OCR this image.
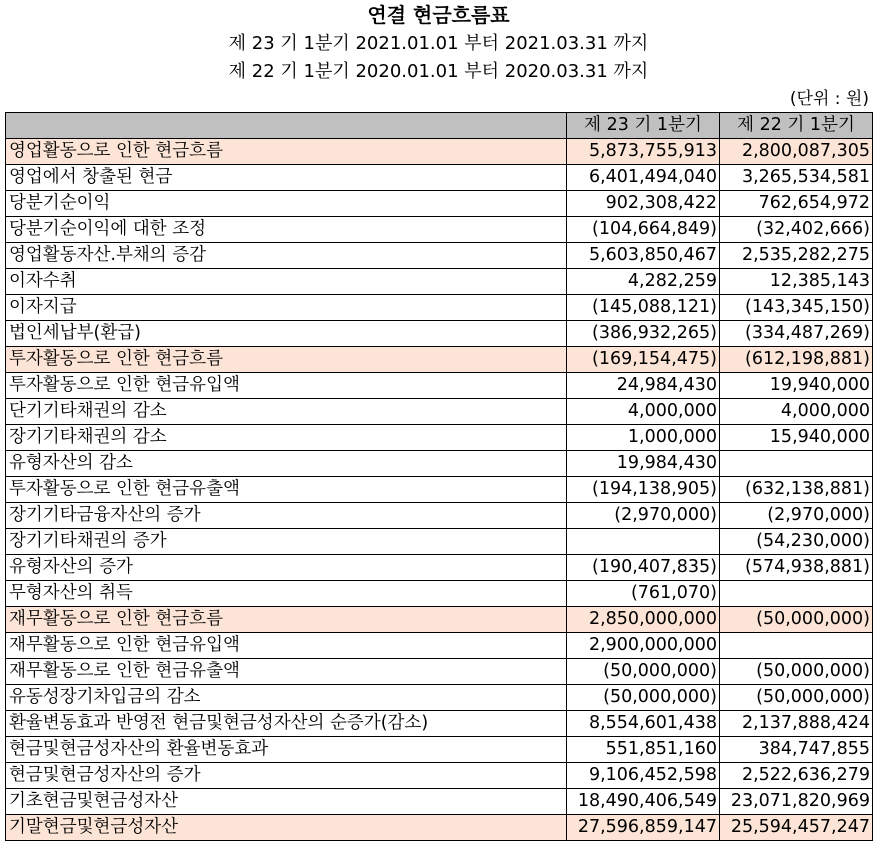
연결 현금흐름표
제 23 기 1분기 2021.01.01 부터 2021.03.31 까지
제 22 기 1분기 2020.01.01 부터 2020.03.31 까지
(단위 : 원)
	제 23 기 1분기	제 22 기 1분기
영업활동으로 인한 현금흐름	5,873,755,913	2,800,087,305
영업에서 창출된 현금	6,401,494,040	3,265,534,581
당분기순이익	902,308,422	762,654,972
당분기순이익에 대한 조정	(104,664,849)	(32,402,666)
영업활동자산.부채의 증감	5,603,850,467	2,535,282,275
이자수취	4,282,259	12,385,143
이자지급	(145,088,121)	(143,345,150)
법인세납부(환급)	(386,932,265)	(334,487,269)
투자활동으로 인한 현금흐름	(169,154,475)	(612,198,881)
투자활동으로 인한 현금유입액	24,984,430	19,940,000
단기기타채권의 감소	4,000,000	4,000,000
장기기타채권의 감소	1,000,000	15,940,000
유형자산의 감소	19,984,430	
투자활동으로 인한 현금유출액	(194,138,905)	(632,138,881)
장기기타금융자산의 증가	(2,970,000)	(2,970,000)
장기기타채권의 증가		(54,230,000)
유형자산의 증가	(190,407,835)	(574,938,881)
무형자산의 취득	(761,070)	
재무활동으로 인한 현금흐름	2,850,000,000	(50,000,000)
재무활동으로 인한 현금유입액	2,900,000,000	
재무활동으로 인한 현금유출액	(50,000,000)	(50,000,000)
유동성장기차입금의 감소	(50,000,000)	(50,000,000)
환율변동효과 반영전 현금및현금성자산의 순증가(감소)	8,554,601,438	2,137,888,424
현금및현금성자산의 환율변동효과	551,851,160	384,747,855
현금및현금성자산의 증가	9,106,452,598	2,522,636,279
기초현금및현금성자산	18,490,406,549	23,071,820,969
기말현금및현금성자산	27,596,859,147	25,594,457,247
